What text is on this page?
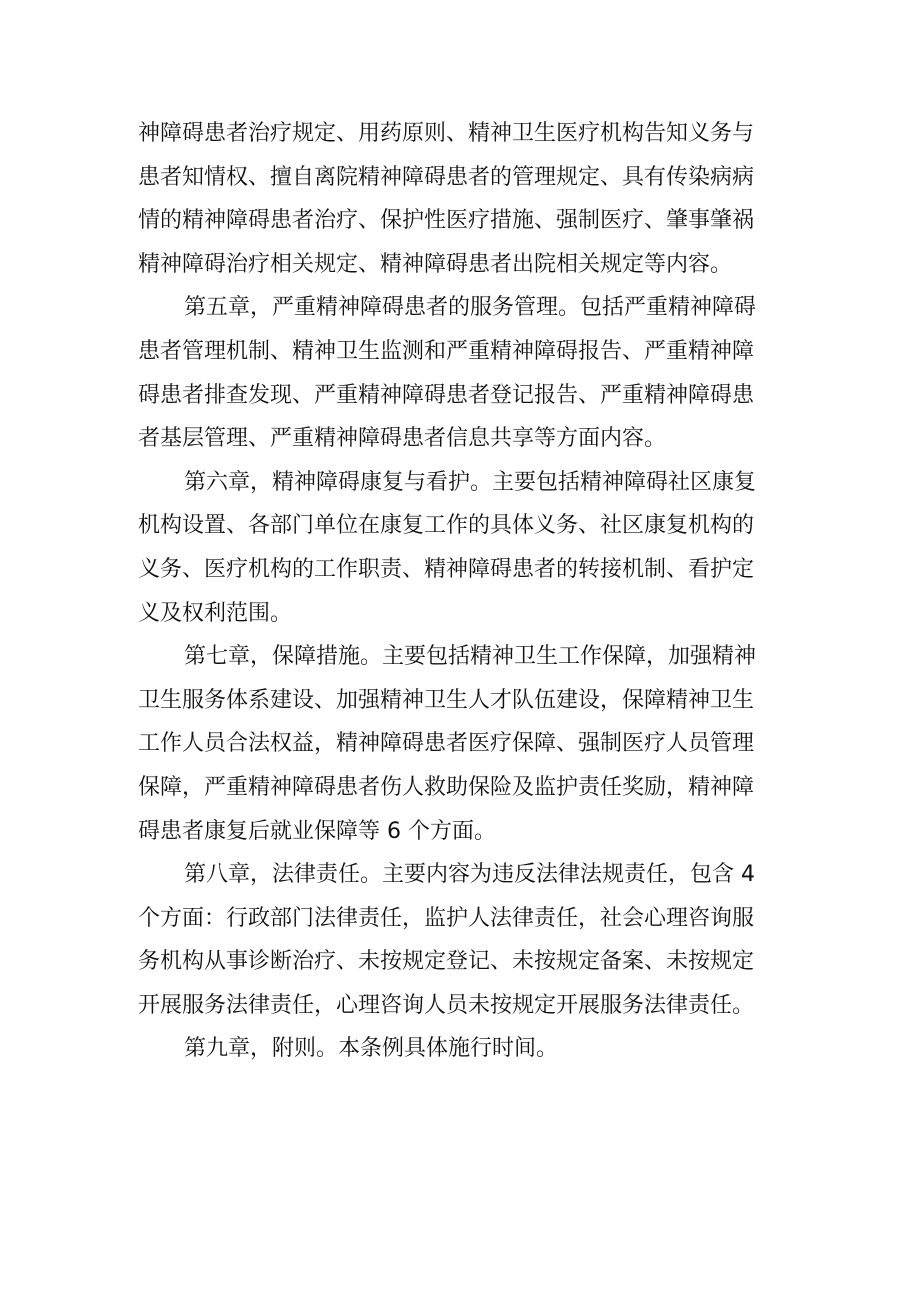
神障碍患者治疗规定、用药原则、精神卫生医疗机构告知义务与
患者知情权、擅自离院精神障碍患者的管理规定、具有传染病病
情的精神障碍患者治疗、保护性医疗措施、强制医疗、肇事肇祸
精神障碍治疗相关规定、精神障碍患者出院相关规定等内容。
第五章，严重精神障碍患者的服务管理。包括严重精神障碍
患者管理机制、精神卫生监测和严重精神障碍报告、严重精神障
碍患者排查发现、严重精神障碍患者登记报告、严重精神障碍患
者基层管理、严重精神障碍患者信息共享等方面内容。
第六章，精神障碍康复与看护。主要包括精神障碍社区康复
机构设置、各部门单位在康复工作的具体义务、社区康复机构的
义务、医疗机构的工作职责、精神障碍患者的转接机制、看护定
义及权利范围。
第七章，保障措施。主要包括精神卫生工作保障，加强精神
卫生服务体系建设、加强精神卫生人才队伍建设，保障精神卫生
工作人员合法权益，精神障碍患者医疗保障、强制医疗人员管理
保障，严重精神障碍患者伤人救助保险及监护责任奖励，精神障
碍患者康复后就业保障等 6 个方面。
第八章，法律责任。主要内容为违反法律法规责任，包含 4
个方面：行政部门法律责任，监护人法律责任，社会心理咨询服
务机构从事诊断治疗、未按规定登记、未按规定备案、未按规定
开展服务法律责任，心理咨询人员未按规定开展服务法律责任。
第九章，附则。本条例具体施行时间。
